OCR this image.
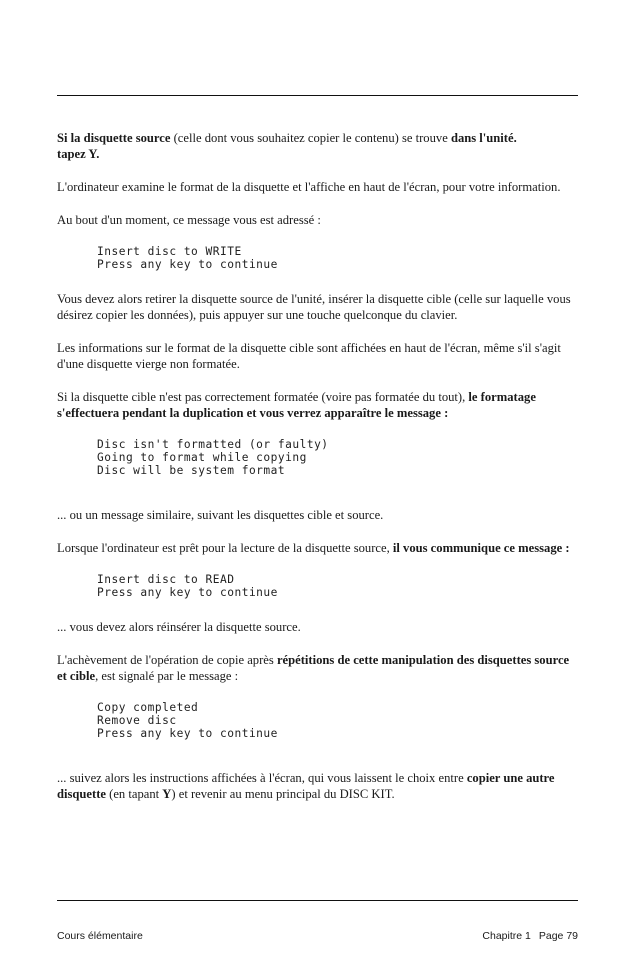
Si la disquette source (celle dont vous souhaitez copier le contenu) se trouve dans l'unité.
tapez Y.

L'ordinateur examine le format de la disquette et l'affiche en haut de l'écran, pour votre information.

Au bout d'un moment, ce message vous est adressé :

Insert disc to WRITE
Press any key to continue

Vous devez alors retirer la disquette source de l'unité, insérer la disquette cible (celle sur laquelle vous désirez copier les données), puis appuyer sur une touche quelconque du clavier.

Les informations sur le format de la disquette cible sont affichées en haut de l'écran, même s'il s'agit d'une disquette vierge non formatée.

Si la disquette cible n'est pas correctement formatée (voire pas formatée du tout), le formatage s'effectuera pendant la duplication et vous verrez apparaître le message :

Disc isn't formatted (or faulty)
Going to format while copying
Disc will be system format

... ou un message similaire, suivant les disquettes cible et source.

Lorsque l'ordinateur est prêt pour la lecture de la disquette source, il vous communique ce message :

Insert disc to READ
Press any key to continue

... vous devez alors réinsérer la disquette source.

L'achèvement de l'opération de copie après répétitions de cette manipulation des disquettes source et cible, est signalé par le message :

Copy completed
Remove disc
Press any key to continue

... suivez alors les instructions affichées à l'écran, qui vous laissent le choix entre copier une autre disquette (en tapant Y) et revenir au menu principal du DISC KIT.

Cours élémentaire	Chapitre 1 Page 79
